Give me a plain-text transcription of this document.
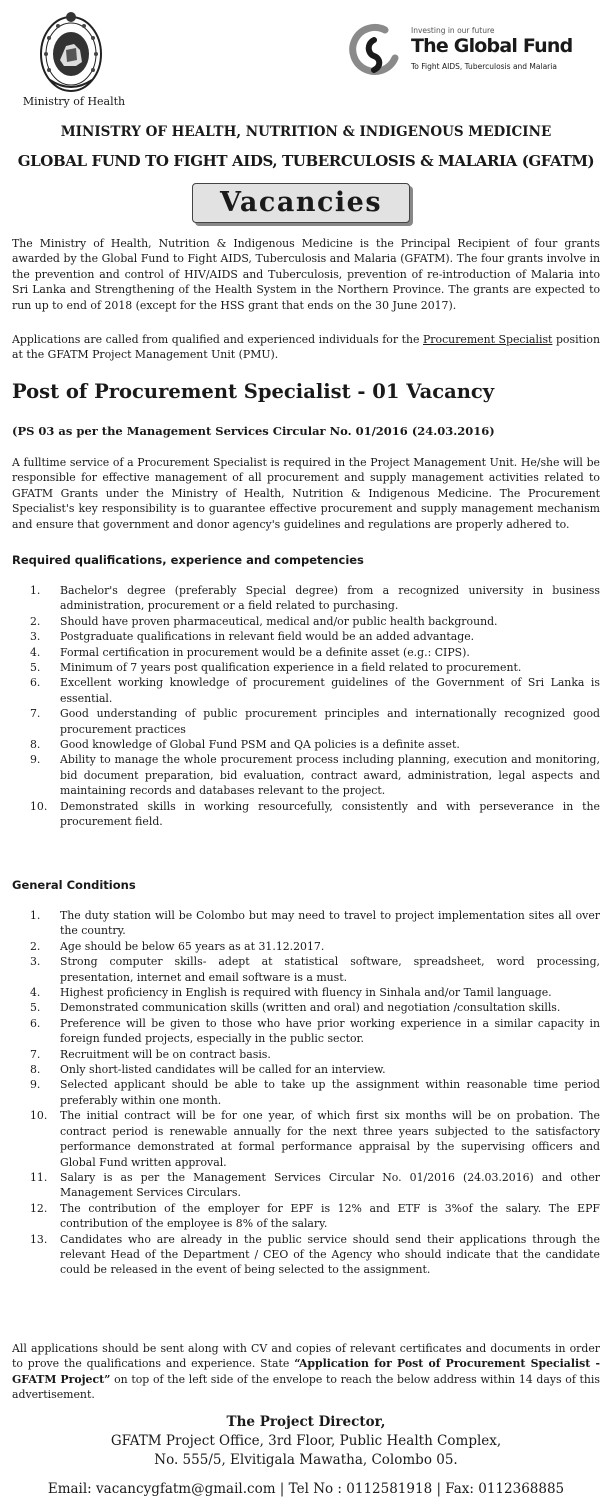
Ministry of Health
Investing in our future
The Global Fund
To Fight AIDS, Tuberculosis and Malaria
MINISTRY OF HEALTH, NUTRITION & INDIGENOUS MEDICINE
GLOBAL FUND TO FIGHT AIDS, TUBERCULOSIS & MALARIA (GFATM)
Vacancies
The Ministry of Health, Nutrition & Indigenous Medicine is the Principal Recipient of four grants awarded by the Global Fund to Fight AIDS, Tuberculosis and Malaria (GFATM). The four grants involve in the prevention and control of HIV/AIDS and Tuberculosis, prevention of re-introduction of Malaria into Sri Lanka and Strengthening of the Health System in the Northern Province. The grants are expected to run up to end of 2018 (except for the HSS grant that ends on the 30 June 2017).
Applications are called from qualified and experienced individuals for the Procurement Specialist position at the GFATM Project Management Unit (PMU).
Post of Procurement Specialist - 01 Vacancy
(PS 03 as per the Management Services Circular No. 01/2016 (24.03.2016)
A fulltime service of a Procurement Specialist is required in the Project Management Unit. He/she will be responsible for effective management of all procurement and supply management activities related to GFATM Grants under the Ministry of Health, Nutrition & Indigenous Medicine. The Procurement Specialist's key responsibility is to guarantee effective procurement and supply management mechanism and ensure that government and donor agency's guidelines and regulations are properly adhered to.
Required qualifications, experience and competencies
1.	Bachelor's degree (preferably Special degree) from a recognized university in business administration, procurement or a field related to purchasing.
2.	Should have proven pharmaceutical, medical and/or public health background.
3.	Postgraduate qualifications in relevant field would be an added advantage.
4.	Formal certification in procurement would be a definite asset (e.g.: CIPS).
5.	Minimum of 7 years post qualification experience in a field related to procurement.
6.	Excellent working knowledge of procurement guidelines of the Government of Sri Lanka is essential.
7.	Good understanding of public procurement principles and internationally recognized good procurement practices
8.	Good knowledge of Global Fund PSM and QA policies is a definite asset.
9.	Ability to manage the whole procurement process including planning, execution and monitoring, bid document preparation, bid evaluation, contract award, administration, legal aspects and maintaining records and databases relevant to the project.
10.	Demonstrated skills in working resourcefully, consistently and with perseverance in the procurement field.
General Conditions
1.	The duty station will be Colombo but may need to travel to project implementation sites all over the country.
2.	Age should be below 65 years as at 31.12.2017.
3.	Strong computer skills- adept at statistical software, spreadsheet, word processing, presentation, internet and email software is a must.
4.	Highest proficiency in English is required with fluency in Sinhala and/or Tamil language.
5.	Demonstrated communication skills (written and oral) and negotiation /consultation skills.
6.	Preference will be given to those who have prior working experience in a similar capacity in foreign funded projects, especially in the public sector.
7.	Recruitment will be on contract basis.
8.	Only short-listed candidates will be called for an interview.
9.	Selected applicant should be able to take up the assignment within reasonable time period preferably within one month.
10.	The initial contract will be for one year, of which first six months will be on probation. The contract period is renewable annually for the next three years subjected to the satisfactory performance demonstrated at formal performance appraisal by the supervising officers and Global Fund written approval.
11.	Salary is as per the Management Services Circular No. 01/2016 (24.03.2016) and other Management Services Circulars.
12.	The contribution of the employer for EPF is 12% and ETF is 3%of the salary. The EPF contribution of the employee is 8% of the salary.
13.	Candidates who are already in the public service should send their applications through the relevant Head of the Department / CEO of the Agency who should indicate that the candidate could be released in the event of being selected to the assignment.
All applications should be sent along with CV and copies of relevant certificates and documents in order to prove the qualifications and experience. State “Application for Post of Procurement Specialist -GFATM Project” on top of the left side of the envelope to reach the below address within 14 days of this advertisement.
The Project Director,
GFATM Project Office, 3rd Floor, Public Health Complex,
No. 555/5, Elvitigala Mawatha, Colombo 05.
Email: vacancygfatm@gmail.com | Tel No : 0112581918 | Fax: 0112368885
